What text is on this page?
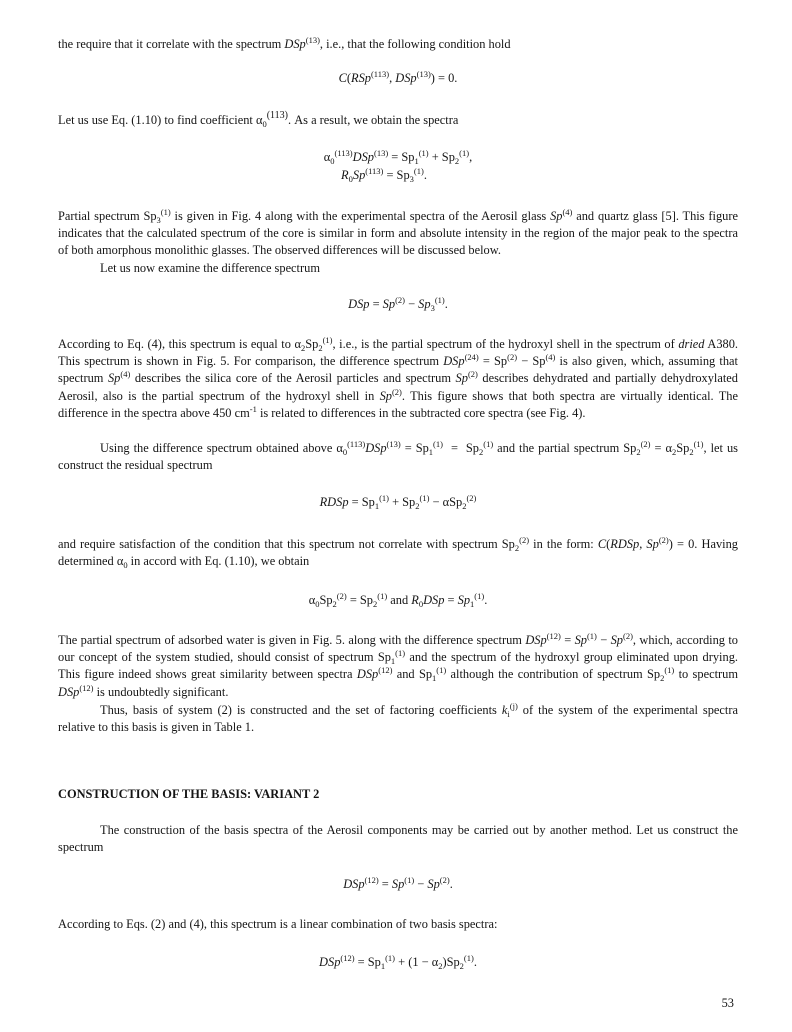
the require that it correlate with the spectrum DSp$^{(13)}$, i.e., that the following condition hold

C(RSp$^{(113)}$, DSp$^{(13)}$) = 0.

Let us use Eq. (1.10) to find coefficient $\alpha_0^{(113)}$. As a result, we obtain the spectra

$\alpha_0^{(113)}DSp^{(13)} = Sp_1^{(1)} + Sp_2^{(1)}$,

$R_0Sp^{(113)} = Sp_3^{(1)}$.

Partial spectrum $Sp_3^{(1)}$ is given in Fig. 4 along with the experimental spectra of the Aerosil glass Sp$^{(4)}$ and quartz glass [5]. This figure indicates that the calculated spectrum of the core is similar in form and absolute intensity in the region of the major peak to the spectra of both amorphous monolithic glasses. The observed differences will be discussed below.

Let us now examine the difference spectrum

DSp = $Sp^{(2)} - Sp_3^{(1)}$.

According to Eq. (4), this spectrum is equal to $\alpha_2Sp_2^{(1)}$, i.e., is the partial spectrum of the hydroxyl shell in the spectrum of dried A380. This spectrum is shown in Fig. 5. For comparison, the difference spectrum $DSp^{(24)} = Sp^{(2)} - Sp^{(4)}$ is also given, which, assuming that spectrum Sp$^{(4)}$ describes the silica core of the Aerosil particles and spectrum Sp$^{(2)}$ describes dehydrated and partially dehydroxylated Aerosil, also is the partial spectrum of the hydroxyl shell in Sp$^{(2)}$. This figure shows that both spectra are virtually identical. The difference in the spectra above 450 $cm^{-1}$ is related to differences in the subtracted core spectra (see Fig. 4).

Using the difference spectrum obtained above $\alpha_0^{(113)}DSp^{(13)} = Sp_1^{(1)} = Sp_2^{(1)}$ and the partial spectrum $Sp_2^{(2)} = \alpha_2Sp_2^{(1)}$, let us construct the residual spectrum

RDSp = $Sp_1^{(1)} + Sp_2^{(1)} - \alpha Sp_2^{(2)}$

and require satisfaction of the condition that this spectrum not correlate with spectrum $Sp_2^{(2)}$ in the form: C(RDSp, $Sp^{(2)}) = 0$. Having determined $\alpha_0$ in accord with Eq. (1.10), we obtain

$\alpha_0Sp_2^{(2)} = Sp_2^{(1)}$ and $R_0DSp = Sp_1^{(1)}$.

The partial spectrum of adsorbed water is given in Fig. 5. along with the difference spectrum $DSp^{(12)} = Sp^{(1)} - Sp^{(2)}$, which, according to our concept of the system studied, should consist of spectrum $Sp_1^{(1)}$ and the spectrum of the hydroxyl group eliminated upon drying. This figure indeed shows great similarity between spectra DSp$^{(12)}$ and $Sp_1^{(1)}$ although the contribution of spectrum $Sp_2^{(1)}$ to spectrum DSp$^{(12)}$ is undoubtedly significant.

Thus, basis of system (2) is constructed and the set of factoring coefficients $k_i^{(j)}$ of the system of the experimental spectra relative to this basis is given in Table 1.

CONSTRUCTION OF THE BASIS: VARIANT 2

The construction of the basis spectra of the Aerosil components may be carried out by another method. Let us construct the spectrum

$DSp^{(12)} = Sp^{(1)} - Sp^{(2)}$.

According to Eqs. (2) and (4), this spectrum is a linear combination of two basis spectra:

$DSp^{(12)} = Sp_1^{(1)} + (1 - \alpha_2)Sp_2^{(1)}$.

53
